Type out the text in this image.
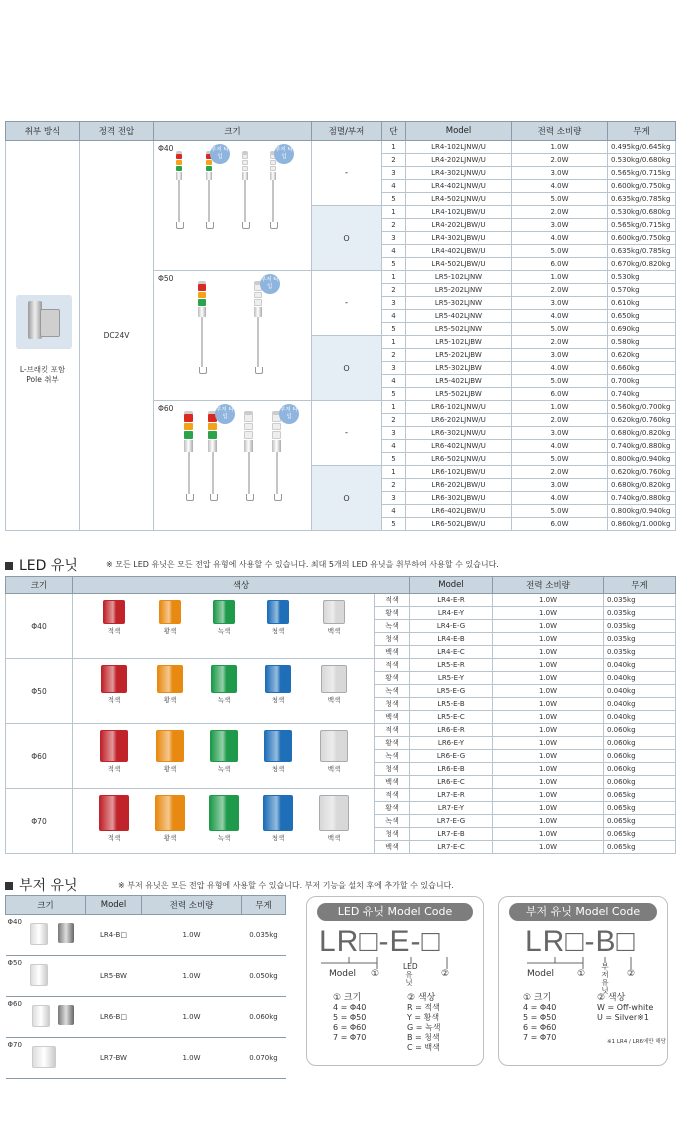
취부 방식	정격 전압	크기	점멸/부저	단	Model	전력 소비량	무게

L-브래킷 포함 Pole 취부	DC24V	Φ40 부저 타입
부저 타입	-	1	LR4-102LJNW/U	1.0W	0.495kg/0.645kg
				2	LR4-202LJNW/U	2.0W	0.530kg/0.680kg
				3	LR4-302LJNW/U	3.0W	0.565kg/0.715kg
				4	LR4-402LJNW/U	4.0W	0.600kg/0.750kg
				5	LR4-502LJNW/U	5.0W	0.635kg/0.785kg
			O	1	LR4-102LJBW/U	2.0W	0.530kg/0.680kg
				2	LR4-202LJBW/U	3.0W	0.565kg/0.715kg
				3	LR4-302LJBW/U	4.0W	0.600kg/0.750kg
				4	LR4-402LJBW/U	5.0W	0.635kg/0.785kg
				5	LR4-502LJBW/U	6.0W	0.670kg/0.820kg

		Φ50 부저 타입	-	1	LR5-102LJNW	1.0W	0.530kg
				2	LR5-202LJNW	2.0W	0.570kg
				3	LR5-302LJNW	3.0W	0.610kg
				4	LR5-402LJNW	4.0W	0.650kg
				5	LR5-502LJNW	5.0W	0.690kg
			O	1	LR5-102LJBW	2.0W	0.580kg
				2	LR5-202LJBW	3.0W	0.620kg
				3	LR5-302LJBW	4.0W	0.660kg
				4	LR5-402LJBW	5.0W	0.700kg
				5	LR5-502LJBW	6.0W	0.740kg

		Φ60 부저 타입
부저 타입	-	1	LR6-102LJNW/U	1.0W	0.560kg/0.700kg
				2	LR6-202LJNW/U	2.0W	0.620kg/0.760kg
				3	LR6-302LJNW/U	3.0W	0.680kg/0.820kg
				4	LR6-402LJNW/U	4.0W	0.740kg/0.880kg
				5	LR6-502LJNW/U	5.0W	0.800kg/0.940kg
			O	1	LR6-102LJBW/U	2.0W	0.620kg/0.760kg
				2	LR6-202LJBW/U	3.0W	0.680kg/0.820kg
				3	LR6-302LJBW/U	4.0W	0.740kg/0.880kg
				4	LR6-402LJBW/U	5.0W	0.800kg/0.940kg
				5	LR6-502LJBW/U	6.0W	0.860kg/1.000kg
LED 유닛	※ 모든 LED 유닛은 모든 전압 유형에 사용할 수 있습니다. 최대 5개의 LED 유닛을 취부하여 사용할 수 있습니다.
크기	색상		Model	전력 소비량	무게
Φ40	적색 황색 녹색 청색 백색	적색	LR4-E-R	1.0W	0.035kg
		황색	LR4-E-Y	1.0W	0.035kg
		녹색	LR4-E-G	1.0W	0.035kg
		청색	LR4-E-B	1.0W	0.035kg
		백색	LR4-E-C	1.0W	0.035kg
Φ50	적색 황색 녹색 청색 백색	적색	LR5-E-R	1.0W	0.040kg
		황색	LR5-E-Y	1.0W	0.040kg
		녹색	LR5-E-G	1.0W	0.040kg
		청색	LR5-E-B	1.0W	0.040kg
		백색	LR5-E-C	1.0W	0.040kg
Φ60	적색 황색 녹색 청색 백색	적색	LR6-E-R	1.0W	0.060kg
		황색	LR6-E-Y	1.0W	0.060kg
		녹색	LR6-E-G	1.0W	0.060kg
		청색	LR6-E-B	1.0W	0.060kg
		백색	LR6-E-C	1.0W	0.060kg
Φ70	적색 황색 녹색 청색 백색	적색	LR7-E-R	1.0W	0.065kg
		황색	LR7-E-Y	1.0W	0.065kg
		녹색	LR7-E-G	1.0W	0.065kg
		청색	LR7-E-B	1.0W	0.065kg
		백색	LR7-E-C	1.0W	0.065kg
부저 유닛	※ 부저 유닛은 모든 전압 유형에 사용할 수 있습니다. 부저 기능을 설치 후에 추가할 수 있습니다.
크기	Model	전력 소비량	무게
Φ40	LR4-B□	1.0W	0.035kg
Φ50	LR5-BW	1.0W	0.050kg
Φ60	LR6-B□	1.0W	0.060kg
Φ70	LR7-BW	1.0W	0.070kg
LED 유닛 Model Code
LR□-E-□
Model ①
LED 유닛
②
① 크기
4 = Φ40
5 = Φ50
6 = Φ60
7 = Φ70
② 색상
R = 적색
Y = 황색
G = 녹색
B = 청색
C = 백색
부저 유닛 Model Code
LR□-B□
Model	①
부저 유닛
②
① 크기
4 = Φ40
5 = Φ50
6 = Φ60
7 = Φ70
② 색상
W = Off-white
U = Silver※1
※1 LR4 / LR6에만 해당
